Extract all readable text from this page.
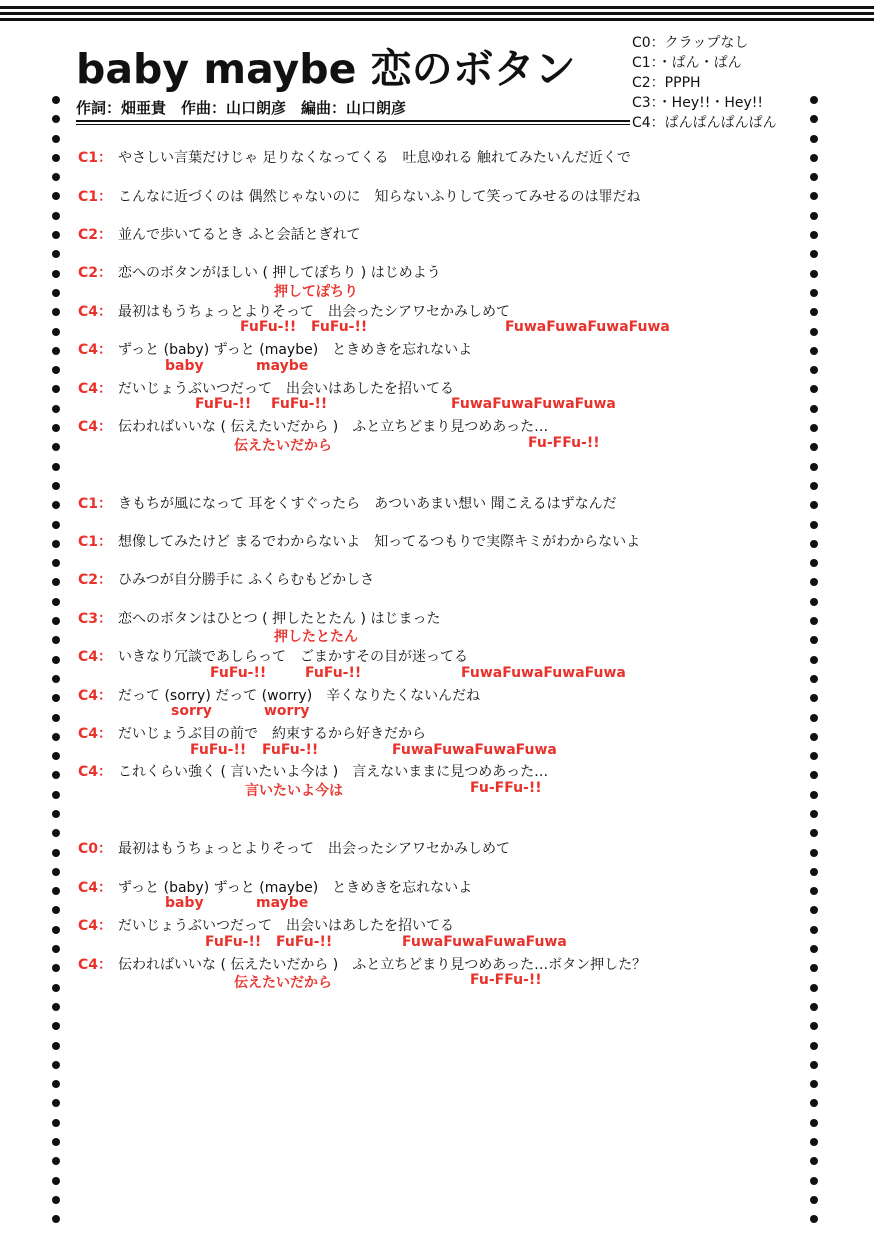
baby maybe 恋のボタン
作詞：畑亜貴　作曲：山口朗彦　編曲：山口朗彦
C0：クラップなし
C1：・ぱん・ぱん
C2：PPPH
C3：・Hey!!・Hey!!
C4：ぱんぱんぱんぱん
C1： やさしい言葉だけじゃ 足りなくなってくる　吐息ゆれる 触れてみたいんだ近くで
C1： こんなに近づくのは 偶然じゃないのに　知らないふりして笑ってみせるのは罪だね
C2： 並んで歩いてるとき ふと会話とぎれて
C2： 恋へのボタンがほしい ( 押してぽちり ) はじめよう
C4： 最初はもうちょっとよりそって　出会ったシアワセかみしめて
C4： ずっと (baby) ずっと (maybe)　ときめきを忘れないよ
C4： だいじょうぶいつだって　出会いはあしたを招いてる
C4： 伝わればいいな ( 伝えたいだから )　ふと立ちどまり見つめあった…
C1： きもちが風になって 耳をくすぐったら　あついあまい想い 聞こえるはずなんだ
C1： 想像してみたけど まるでわからないよ　知ってるつもりで実際キミがわからないよ
C2： ひみつが自分勝手に ふくらむもどかしさ
C3： 恋へのボタンはひとつ ( 押したとたん ) はじまった
C4： いきなり冗談であしらって　ごまかすその目が迷ってる
C4： だって (sorry) だって (worry)　辛くなりたくないんだね
C4： だいじょうぶ目の前で　約束するから好きだから
C4： これくらい強く ( 言いたいよ今は )　言えないままに見つめあった…
C0： 最初はもうちょっとよりそって　出会ったシアワセかみしめて
C4： ずっと (baby) ずっと (maybe)　ときめきを忘れないよ
C4： だいじょうぶいつだって　出会いはあしたを招いてる
C4： 伝わればいいな ( 伝えたいだから )　ふと立ちどまり見つめあった…ボタン押した？
押してぽちり
FuFu-!! FuFu-!!	FuwaFuwaFuwaFuwa
baby	maybe
FuFu-!! FuFu-!!	FuwaFuwaFuwaFuwa
伝えたいだから	Fu-FFu-!!
押したとたん
FuFu-!!	FuFu-!!	FuwaFuwaFuwaFuwa
sorry	worry
FuFu-!! FuFu-!!	FuwaFuwaFuwaFuwa
言いたいよ今は	Fu-FFu-!!
baby	maybe
FuFu-!! FuFu-!!	FuwaFuwaFuwaFuwa
伝えたいだから	Fu-FFu-!!
